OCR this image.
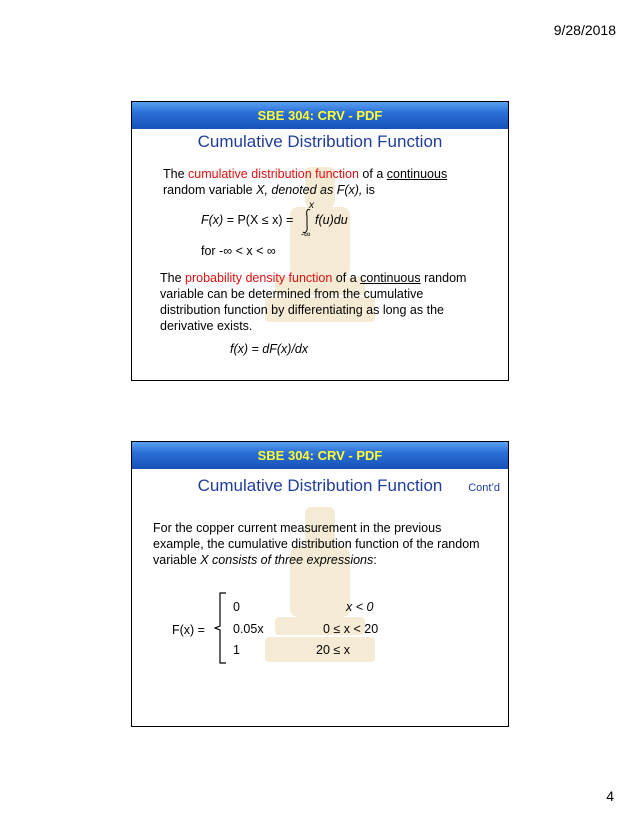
9/28/2018
SBE 304: CRV - PDF
Cumulative Distribution Function
The cumulative distribution function of a continuous
random variable X, denoted as F(x), is
F(x) = P(X ≤ x) =
x
-∞
f(u)du
for -∞ < x < ∞
The probability density function of a continuous random
variable can be determined from the cumulative
distribution function by differentiating as long as the
derivative exists.
f(x) = dF(x)/dx
SBE 304: CRV - PDF
Cumulative Distribution Function	Cont’d
For the copper current measurement in the previous
example, the cumulative distribution function of the random
variable X consists of three expressions:
F(x) =
0	x < 0
0.05x	0 ≤ x < 20
1	20 ≤ x
4
